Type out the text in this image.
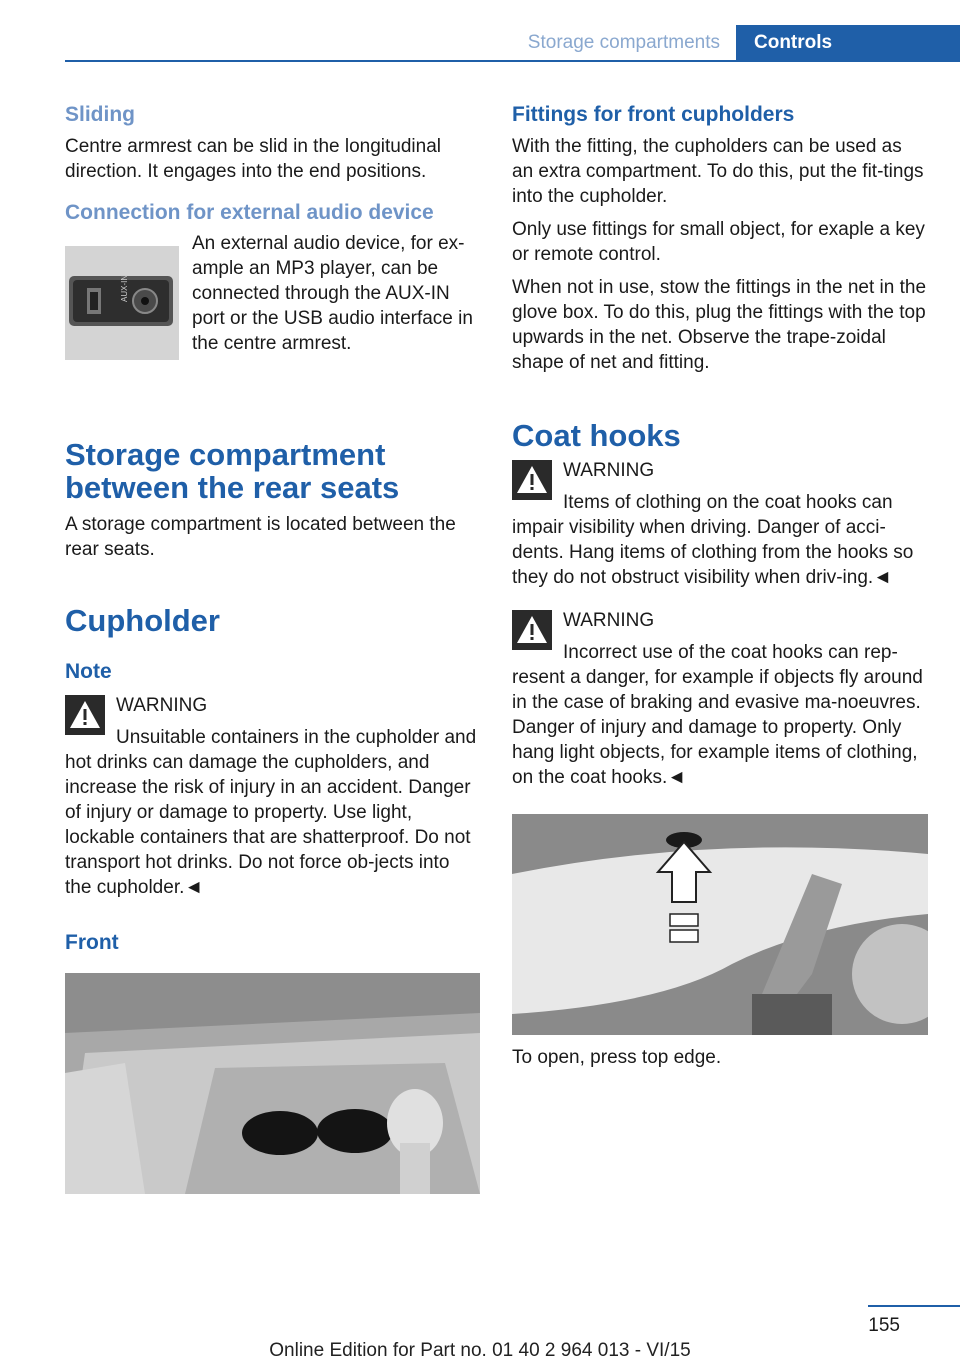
Storage compartments	Controls
Sliding

Centre armrest can be slid in the longitudinal direction. It engages into the end positions.

Connection for external audio device
AUX-IN

An external audio device, for ex-ample an MP3 player, can be connected through the AUX-IN port or the USB audio interface in the centre armrest.

Storage compartment between the rear seats

A storage compartment is located between the rear seats.

Cupholder
Note
WARNING

Unsuitable containers in the cupholder and hot drinks can damage the cupholders, and increase the risk of injury in an accident. Danger of injury or damage to property. Use light, lockable containers that are shatterproof. Do not transport hot drinks. Do not force ob-jects into the cupholder.◄

Front
Fittings for front cupholders

With the fitting, the cupholders can be used as an extra compartment. To do this, put the fit-tings into the cupholder.

Only use fittings for small object, for exaple a key or remote control.

When not in use, stow the fittings in the net in the glove box. To do this, plug the fittings with the top upwards in the net. Observe the trape-zoidal shape of net and fitting.

Coat hooks
WARNING

Items of clothing on the coat hooks can impair visibility when driving. Danger of acci-dents. Hang items of clothing from the hooks so they do not obstruct visibility when driv-ing.◄

WARNING

Incorrect use of the coat hooks can rep-resent a danger, for example if objects fly around in the case of braking and evasive ma-noeuvres. Danger of injury and damage to property. Only hang light objects, for example items of clothing, on the coat hooks.◄

To open, press top edge.

155
Online Edition for Part no. 01 40 2 964 013 - VI/15
